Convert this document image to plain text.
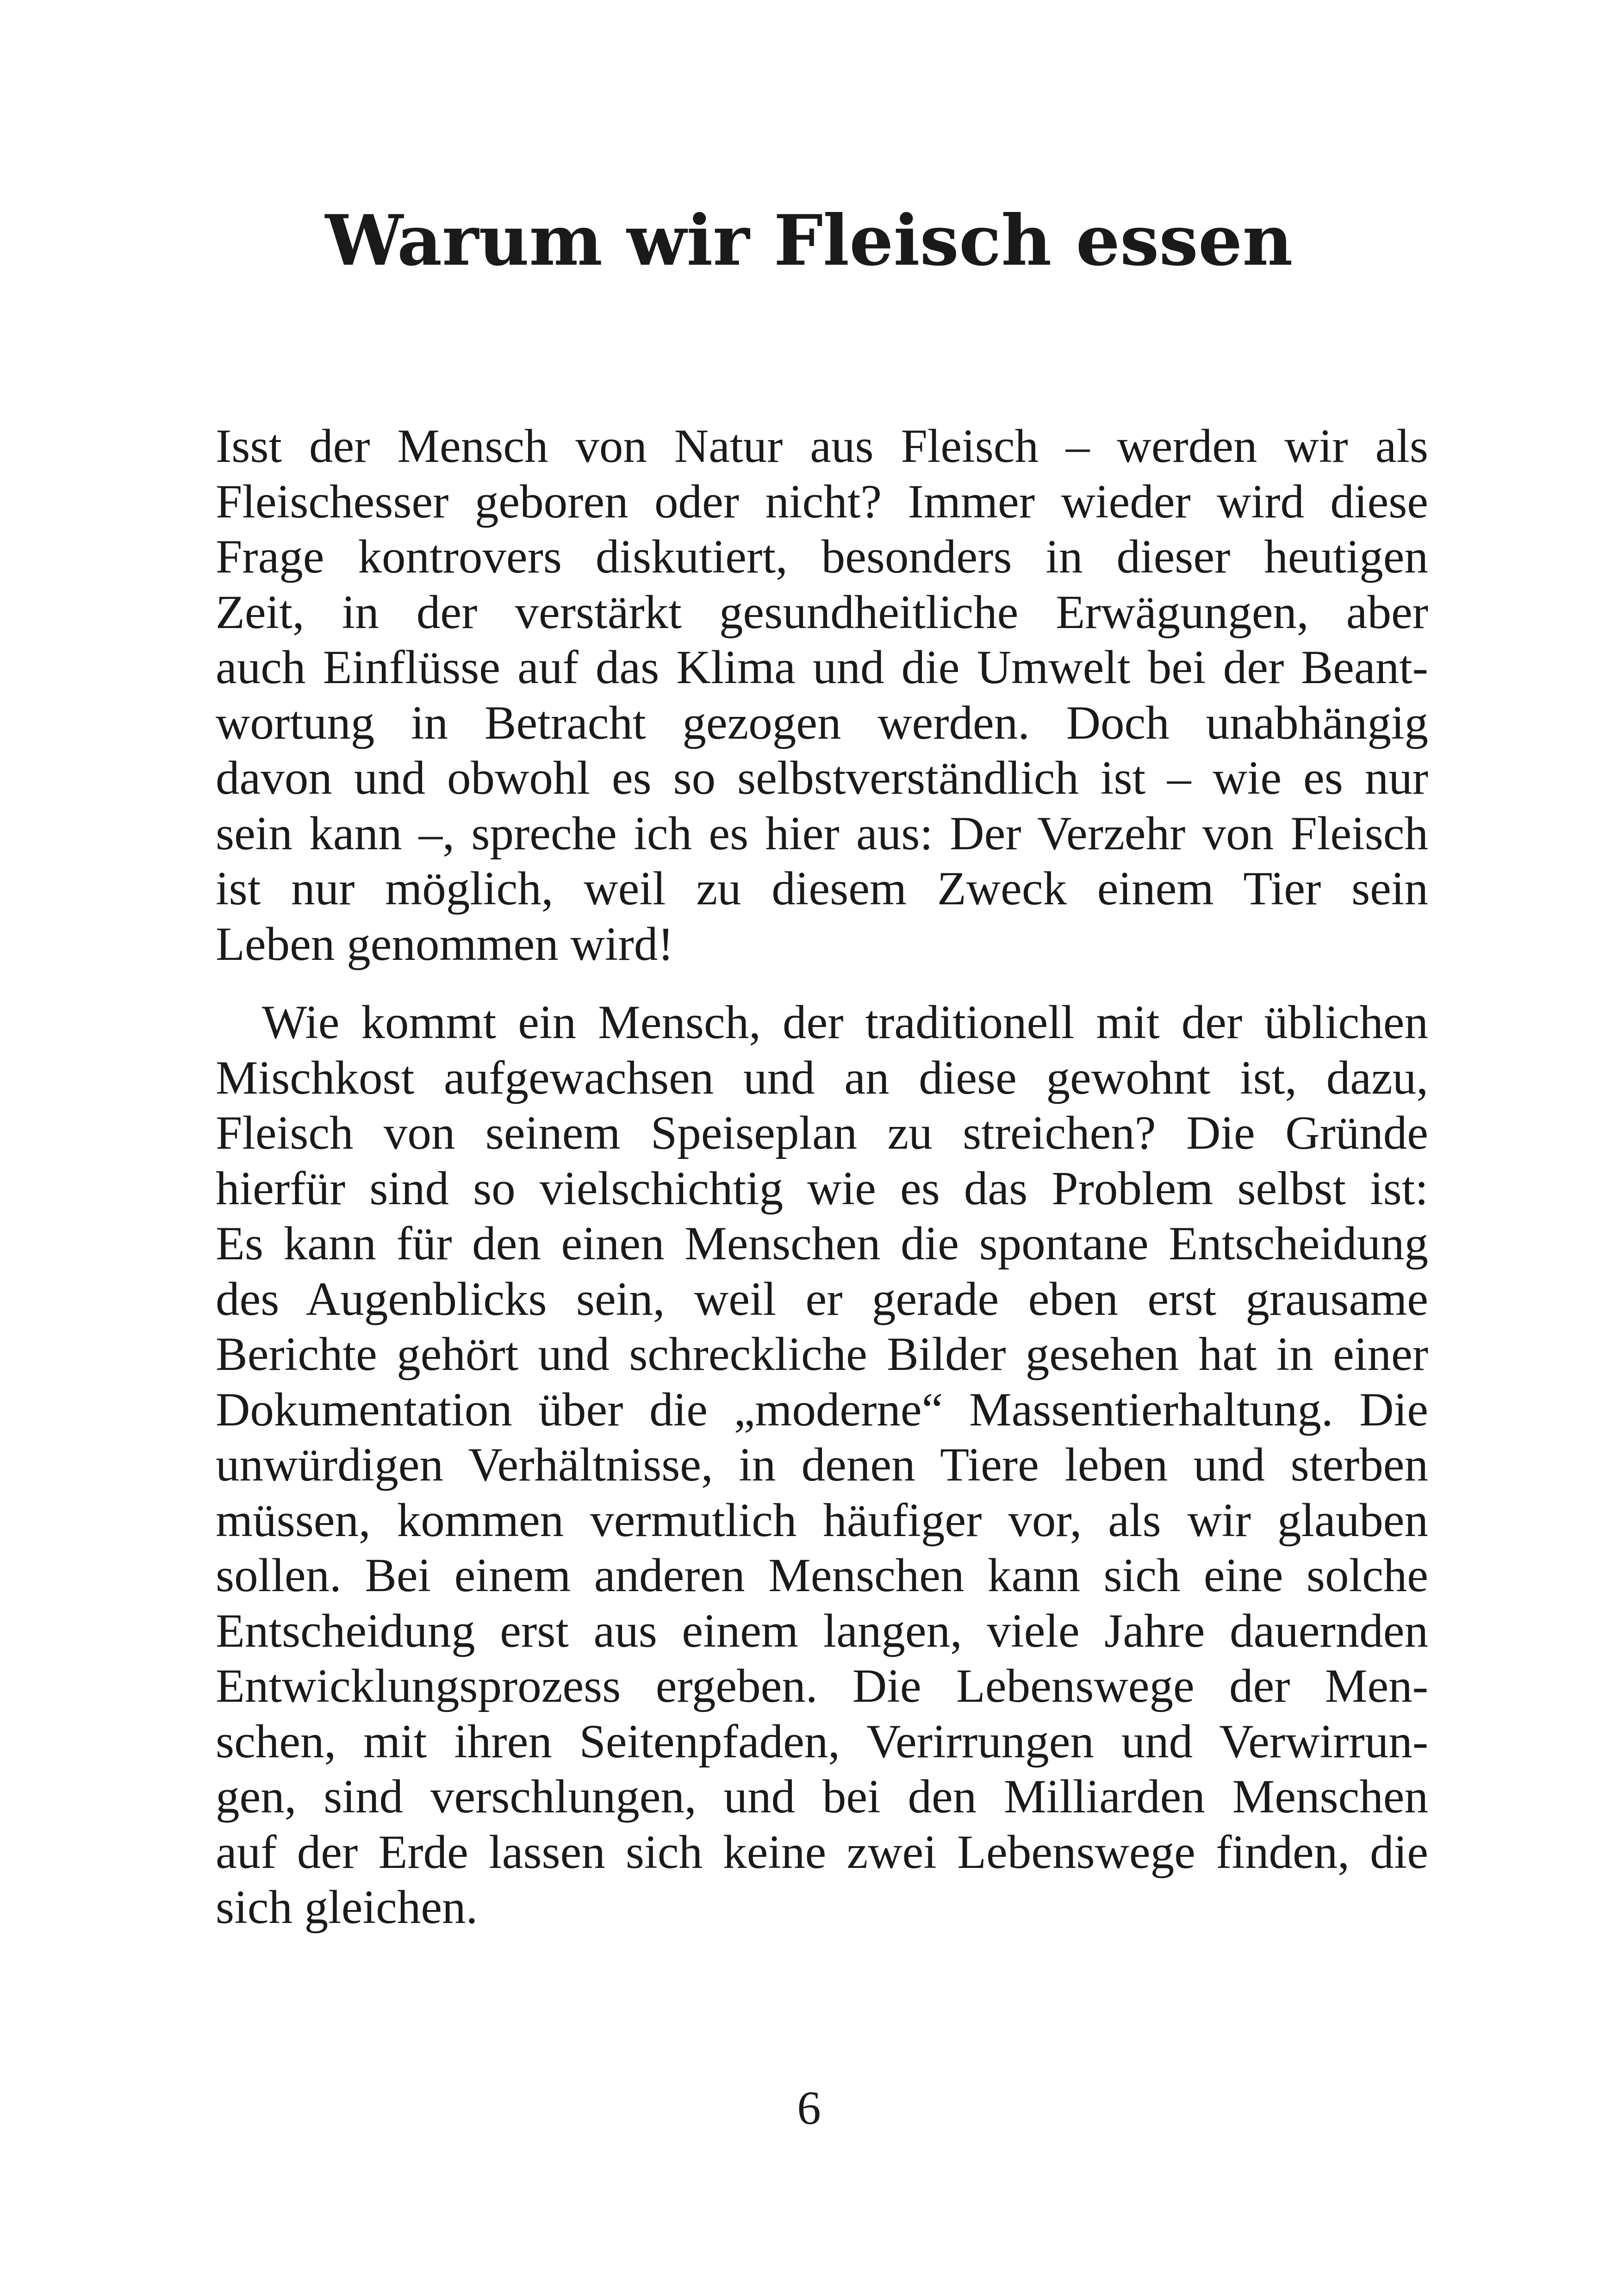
Warum wir Fleisch essen
Isst der Mensch von Natur aus Fleisch – werden wir als
Fleischesser geboren oder nicht? Immer wieder wird diese
Frage kontrovers diskutiert, besonders in dieser heutigen
Zeit, in der verstärkt gesundheitliche Erwägungen, aber
auch Einflüsse auf das Klima und die Umwelt bei der Beant-
wortung in Betracht gezogen werden. Doch unabhängig
davon und obwohl es so selbstverständlich ist – wie es nur
sein kann –, spreche ich es hier aus: Der Verzehr von Fleisch
ist nur möglich, weil zu diesem Zweck einem Tier sein
Leben genommen wird!
Wie kommt ein Mensch, der traditionell mit der üblichen
Mischkost aufgewachsen und an diese gewohnt ist, dazu,
Fleisch von seinem Speiseplan zu streichen? Die Gründe
hierfür sind so vielschichtig wie es das Problem selbst ist:
Es kann für den einen Menschen die spontane Entscheidung
des Augenblicks sein, weil er gerade eben erst grausame
Berichte gehört und schreckliche Bilder gesehen hat in einer
Dokumentation über die „moderne“ Massentierhaltung. Die
unwürdigen Verhältnisse, in denen Tiere leben und sterben
müssen, kommen vermutlich häufiger vor, als wir glauben
sollen. Bei einem anderen Menschen kann sich eine solche
Entscheidung erst aus einem langen, viele Jahre dauernden
Entwicklungsprozess ergeben. Die Lebenswege der Men-
schen, mit ihren Seitenpfaden, Verirrungen und Verwirrun-
gen, sind verschlungen, und bei den Milliarden Menschen
auf der Erde lassen sich keine zwei Lebenswege finden, die
sich gleichen.
6
